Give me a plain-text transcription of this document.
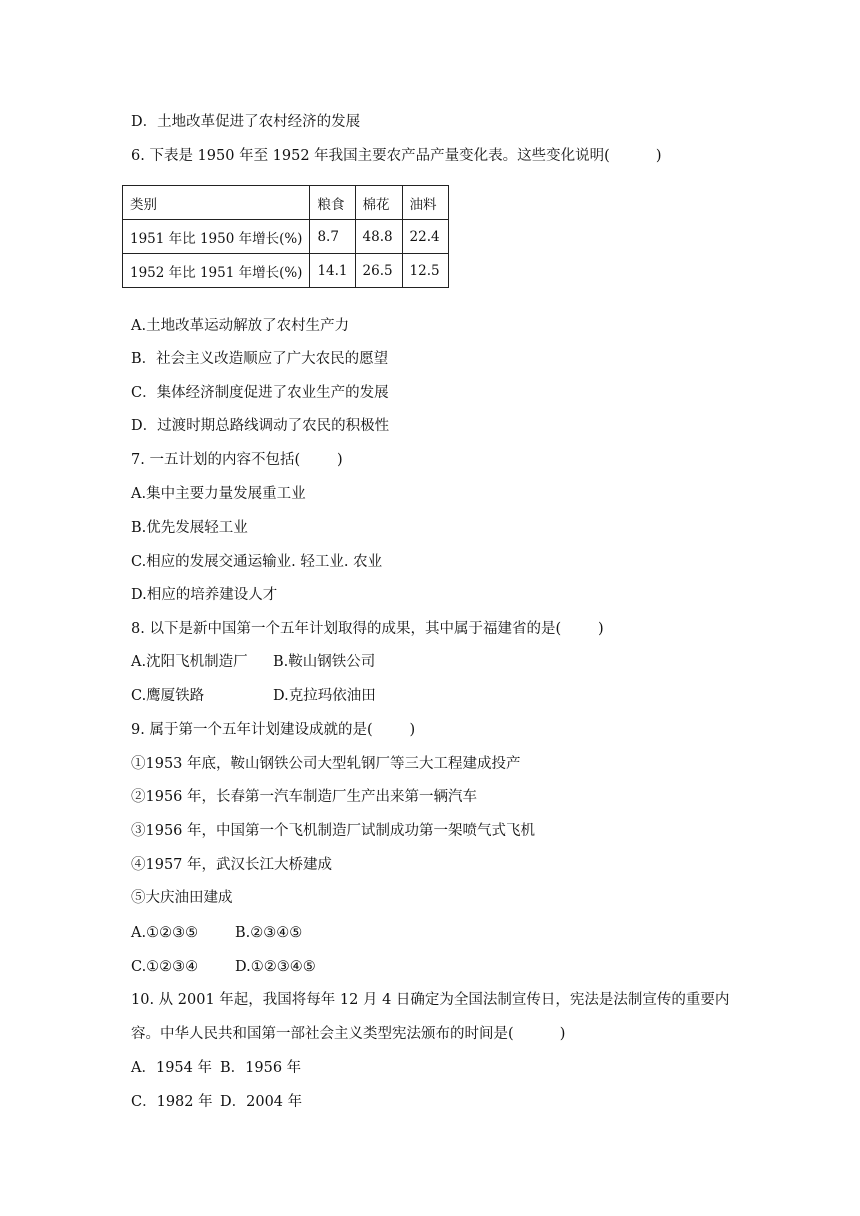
D．土地改革促进了农村经济的发展
6. 下表是 1950 年至 1952 年我国主要农产品产量变化表。这些变化说明(          )
类别	粮食	棉花	油料
1951 年比 1950 年增长(%)	8.7	48.8	22.4
1952 年比 1951 年增长(%)	14.1	26.5	12.5
A.土地改革运动解放了农村生产力
B．社会主义改造顺应了广大农民的愿望
C．集体经济制度促进了农业生产的发展
D．过渡时期总路线调动了农民的积极性
7. 一五计划的内容不包括(        )
A.集中主要力量发展重工业
B.优先发展轻工业
C.相应的发展交通运输业. 轻工业. 农业
D.相应的培养建设人才
8. 以下是新中国第一个五年计划取得的成果，其中属于福建省的是(        )
A.沈阳飞机制造厂 B.鞍山钢铁公司
C.鹰厦铁路	D.克拉玛依油田
9. 属于第一个五年计划建设成就的是(        )
①1953 年底，鞍山钢铁公司大型轧钢厂等三大工程建成投产
②1956 年，长春第一汽车制造厂生产出来第一辆汽车
③1956 年，中国第一个飞机制造厂试制成功第一架喷气式飞机
④1957 年，武汉长江大桥建成
⑤大庆油田建成
A.①②③⑤	B.②③④⑤
C.①②③④	D.①②③④⑤
10. 从 2001 年起，我国将每年 12 月 4 日确定为全国法制宣传日，宪法是法制宣传的重要内
容。中华人民共和国第一部社会主义类型宪法颁布的时间是(          )
A．1954 年 B．1956 年
C．1982 年 D．2004 年
